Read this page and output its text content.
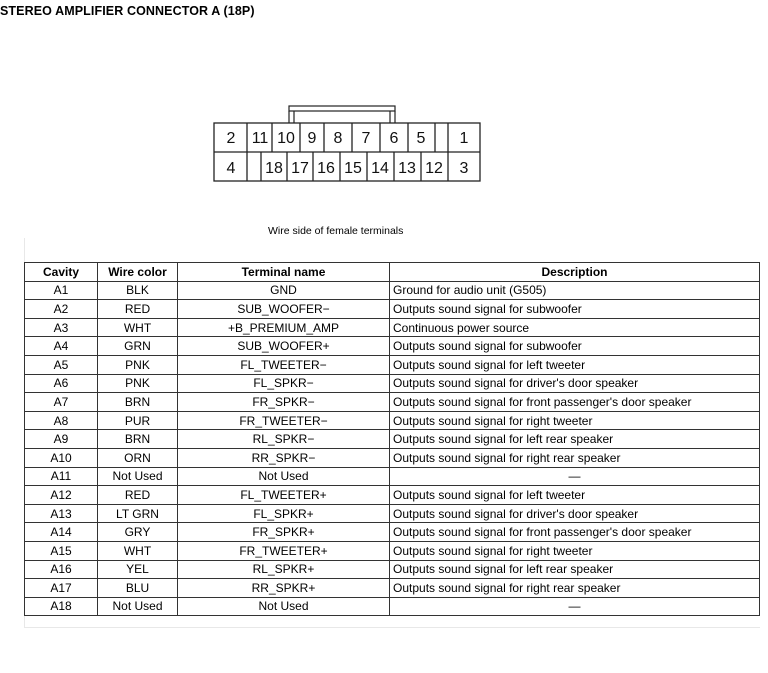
STEREO AMPLIFIER CONNECTOR A (18P)
2 11 10 9 8 7 6 5 1
4 18 17 16 15 14 13 12 3
Wire side of female terminals
Cavity	Wire color	Terminal name	Description
A1	BLK	GND	Ground for audio unit (G505)
A2	RED	SUB_WOOFER−	Outputs sound signal for subwoofer
A3	WHT	+B_PREMIUM_AMP	Continuous power source
A4	GRN	SUB_WOOFER+	Outputs sound signal for subwoofer
A5	PNK	FL_TWEETER−	Outputs sound signal for left tweeter
A6	PNK	FL_SPKR−	Outputs sound signal for driver's door speaker
A7	BRN	FR_SPKR−	Outputs sound signal for front passenger's door speaker
A8	PUR	FR_TWEETER−	Outputs sound signal for right tweeter
A9	BRN	RL_SPKR−	Outputs sound signal for left rear speaker
A10	ORN	RR_SPKR−	Outputs sound signal for right rear speaker
A11	Not Used	Not Used	—
A12	RED	FL_TWEETER+	Outputs sound signal for left tweeter
A13	LT GRN	FL_SPKR+	Outputs sound signal for driver's door speaker
A14	GRY	FR_SPKR+	Outputs sound signal for front passenger's door speaker
A15	WHT	FR_TWEETER+	Outputs sound signal for right tweeter
A16	YEL	RL_SPKR+	Outputs sound signal for left rear speaker
A17	BLU	RR_SPKR+	Outputs sound signal for right rear speaker
A18	Not Used	Not Used	—
